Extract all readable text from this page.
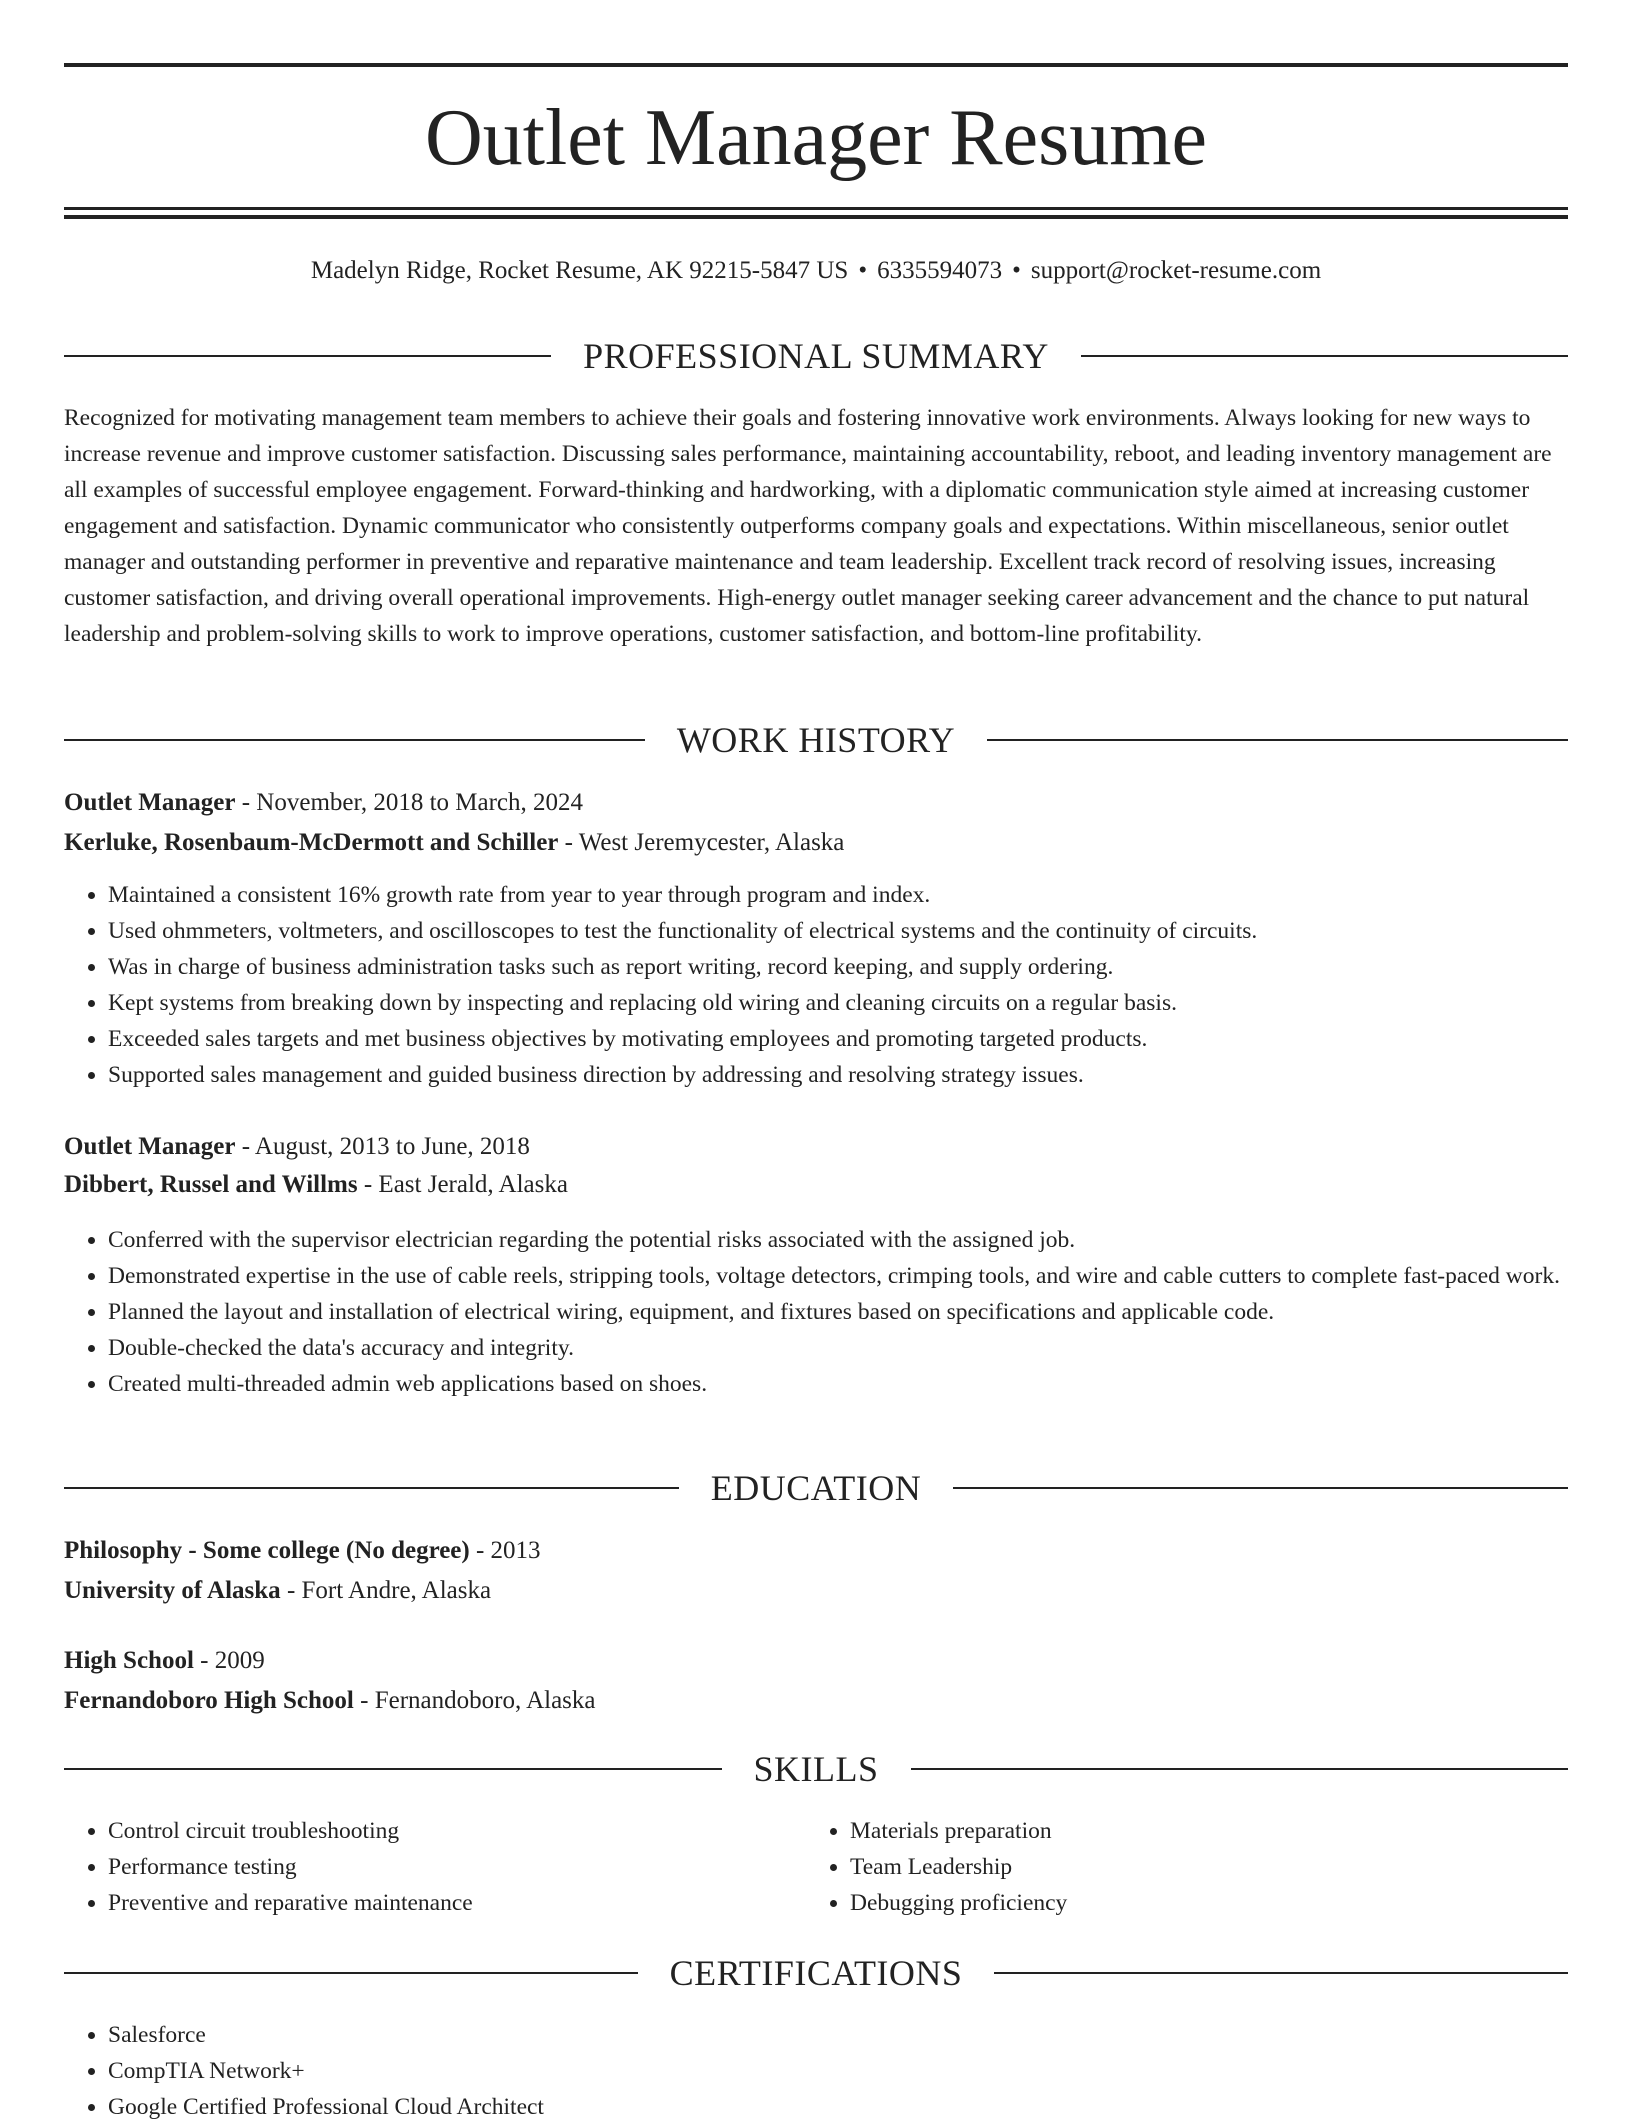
Outlet Manager Resume
Madelyn Ridge, Rocket Resume, AK 92215-5847 US • 6335594073 • support@rocket-resume.com
PROFESSIONAL SUMMARY

Recognized for motivating management team members to achieve their goals and fostering innovative work environments. Always looking for new ways to increase revenue and improve customer satisfaction. Discussing sales performance, maintaining accountability, reboot, and leading inventory management are all examples of successful employee engagement. Forward-thinking and hardworking, with a diplomatic communication style aimed at increasing customer engagement and satisfaction. Dynamic communicator who consistently outperforms company goals and expectations. Within miscellaneous, senior outlet manager and outstanding performer in preventive and reparative maintenance and team leadership. Excellent track record of resolving issues, increasing customer satisfaction, and driving overall operational improvements. High-energy outlet manager seeking career advancement and the chance to put natural leadership and problem-solving skills to work to improve operations, customer satisfaction, and bottom-line profitability.

WORK HISTORY
Outlet Manager - November, 2018 to March, 2024
Kerluke, Rosenbaum-McDermott and Schiller - West Jeremycester, Alaska
• Maintained a consistent 16% growth rate from year to year through program and index.
• Used ohmmeters, voltmeters, and oscilloscopes to test the functionality of electrical systems and the continuity of circuits.
• Was in charge of business administration tasks such as report writing, record keeping, and supply ordering.
• Kept systems from breaking down by inspecting and replacing old wiring and cleaning circuits on a regular basis.
• Exceeded sales targets and met business objectives by motivating employees and promoting targeted products.
• Supported sales management and guided business direction by addressing and resolving strategy issues.
Outlet Manager - August, 2013 to June, 2018
Dibbert, Russel and Willms - East Jerald, Alaska
• Conferred with the supervisor electrician regarding the potential risks associated with the assigned job.
• Demonstrated expertise in the use of cable reels, stripping tools, voltage detectors, crimping tools, and wire and cable cutters to complete fast-paced work.
• Planned the layout and installation of electrical wiring, equipment, and fixtures based on specifications and applicable code.
• Double-checked the data's accuracy and integrity.
• Created multi-threaded admin web applications based on shoes.
EDUCATION
Philosophy - Some college (No degree) - 2013
University of Alaska - Fort Andre, Alaska
High School - 2009
Fernandoboro High School - Fernandoboro, Alaska
SKILLS
• Control circuit troubleshooting
• Performance testing
• Preventive and reparative maintenance
• Materials preparation
• Team Leadership
• Debugging proficiency
CERTIFICATIONS
• Salesforce
• CompTIA Network+
• Google Certified Professional Cloud Architect
